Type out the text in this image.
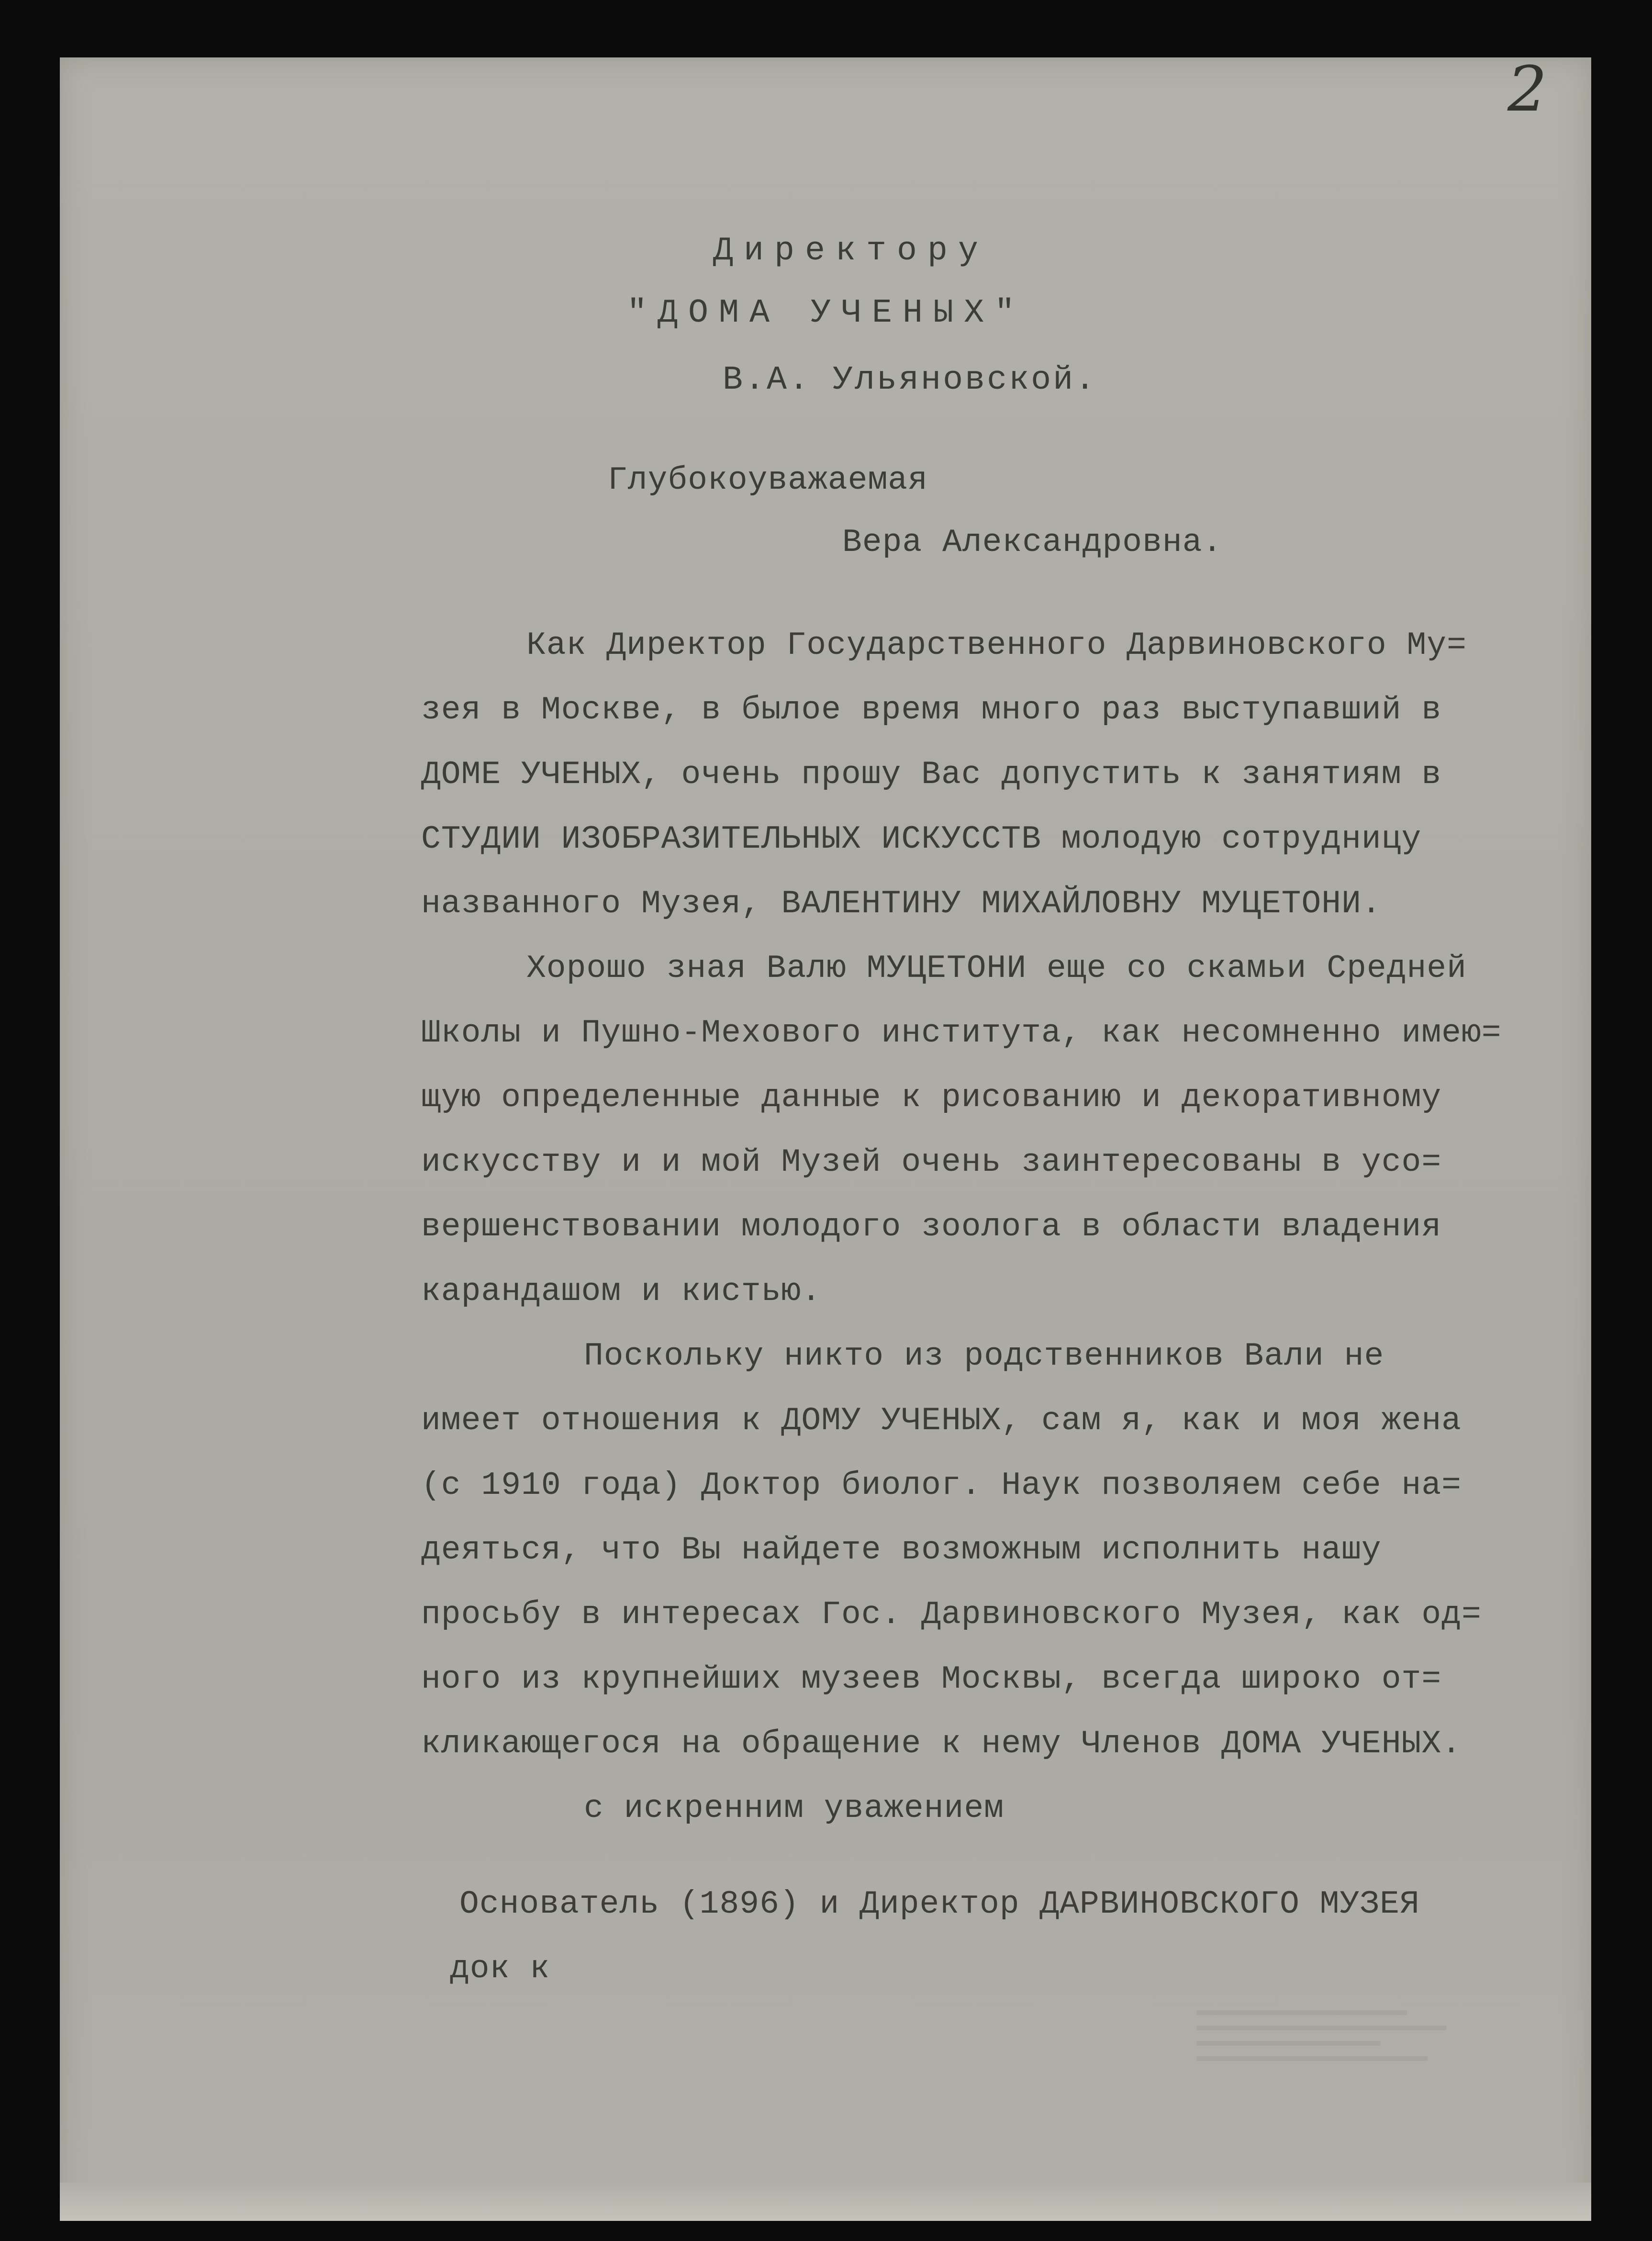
2

Директору

"ДОМА УЧЕНЫХ"

В.А. Ульяновской.

Глубокоуважаемая

Вера Александровна.

Как Директор Государственного Дарвиновского Му=

зея в Москве, в былое время много раз выступавший в

ДОМЕ УЧЕНЫХ, очень прошу Вас допустить к занятиям в

СТУДИИ ИЗОБРАЗИТЕЛЬНЫХ ИСКУССТВ молодую сотрудницу

названного Музея, ВАЛЕНТИНУ МИХАЙЛОВНУ МУЦЕТОНИ.

Хорошо зная Валю МУЦЕТОНИ еще со скамьи Средней

Школы и Пушно-Мехового института, как несомненно имею=

щую определенные данные к рисованию и декоративному

искусству и и мой Музей очень заинтересованы в усо=

вершенствовании молодого зоолога в области владения

карандашом и кистью.

Поскольку никто из родственников Вали не

имеет отношения к ДОМУ УЧЕНЫХ, сам я, как и моя жена

(с 1910 года) Доктор биолог. Наук позволяем себе на=

деяться, что Вы найдете возможным исполнить нашу

просьбу в интересах Гос. Дарвиновского Музея, как од=

ного из крупнейших музеев Москвы, всегда широко от=

кликающегося на обращение к нему Членов ДОМА УЧЕНЫХ.

с искренним уважением

Основатель (1896) и Директор ДАРВИНОВСКОГО МУЗЕЯ

док к
